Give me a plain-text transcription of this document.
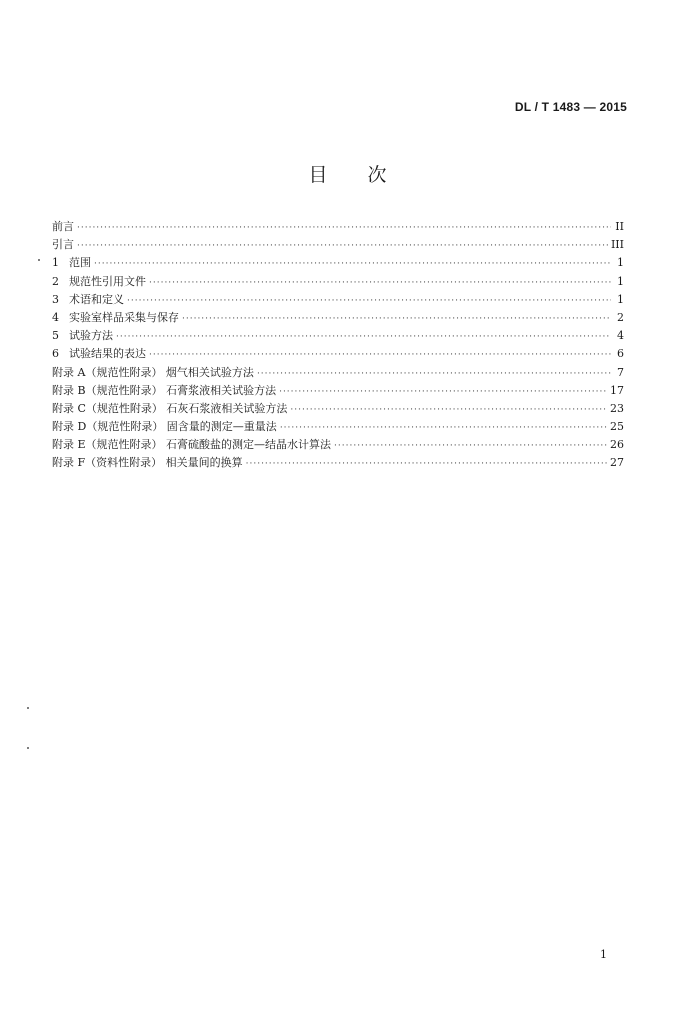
DL / T 1483 — 2015
目 次
前言 ·····	II
引言 ·····	III
1 范围 ·····	1
2 规范性引用文件 ·····	1
3 术语和定义 ·····	1
4 实验室样品采集与保存 ·····	2
5 试验方法 ·····	4
6 试验结果的表达 ·····	6
附录 A（规范性附录） 烟气相关试验方法 ·····	7
附录 B（规范性附录） 石膏浆液相关试验方法 ·····	17
附录 C（规范性附录） 石灰石浆液相关试验方法 ·····	23
附录 D（规范性附录） 固含量的测定—重量法 ·····	25
附录 E（规范性附录） 石膏硫酸盐的测定—结晶水计算法 ·····	26
附录 F（资料性附录） 相关量间的换算 ·····	27
1
